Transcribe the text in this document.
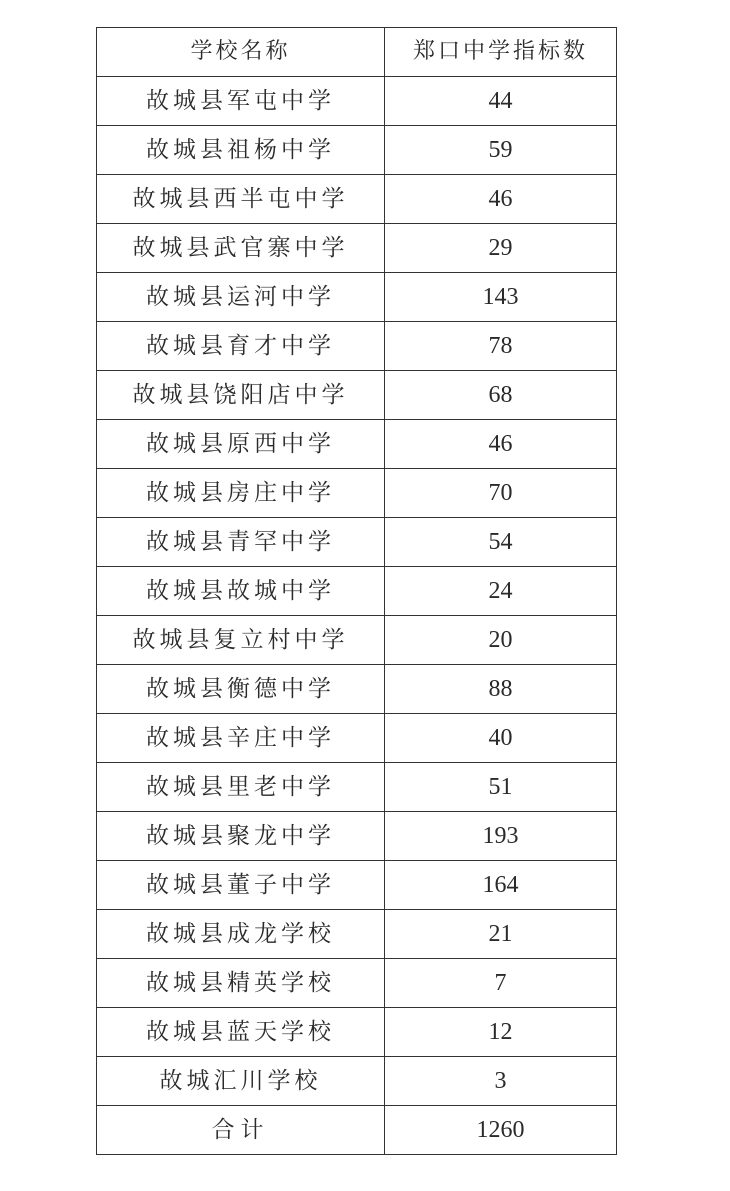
学校名称	郑口中学指标数
故城县军屯中学	44
故城县祖杨中学	59
故城县西半屯中学	46
故城县武官寨中学	29
故城县运河中学	143
故城县育才中学	78
故城县饶阳店中学	68
故城县原西中学	46
故城县房庄中学	70
故城县青罕中学	54
故城县故城中学	24
故城县复立村中学	20
故城县衡德中学	88
故城县辛庄中学	40
故城县里老中学	51
故城县聚龙中学	193
故城县董子中学	164
故城县成龙学校	21
故城县精英学校	7
故城县蓝天学校	12
故城汇川学校	3
合计	1260
